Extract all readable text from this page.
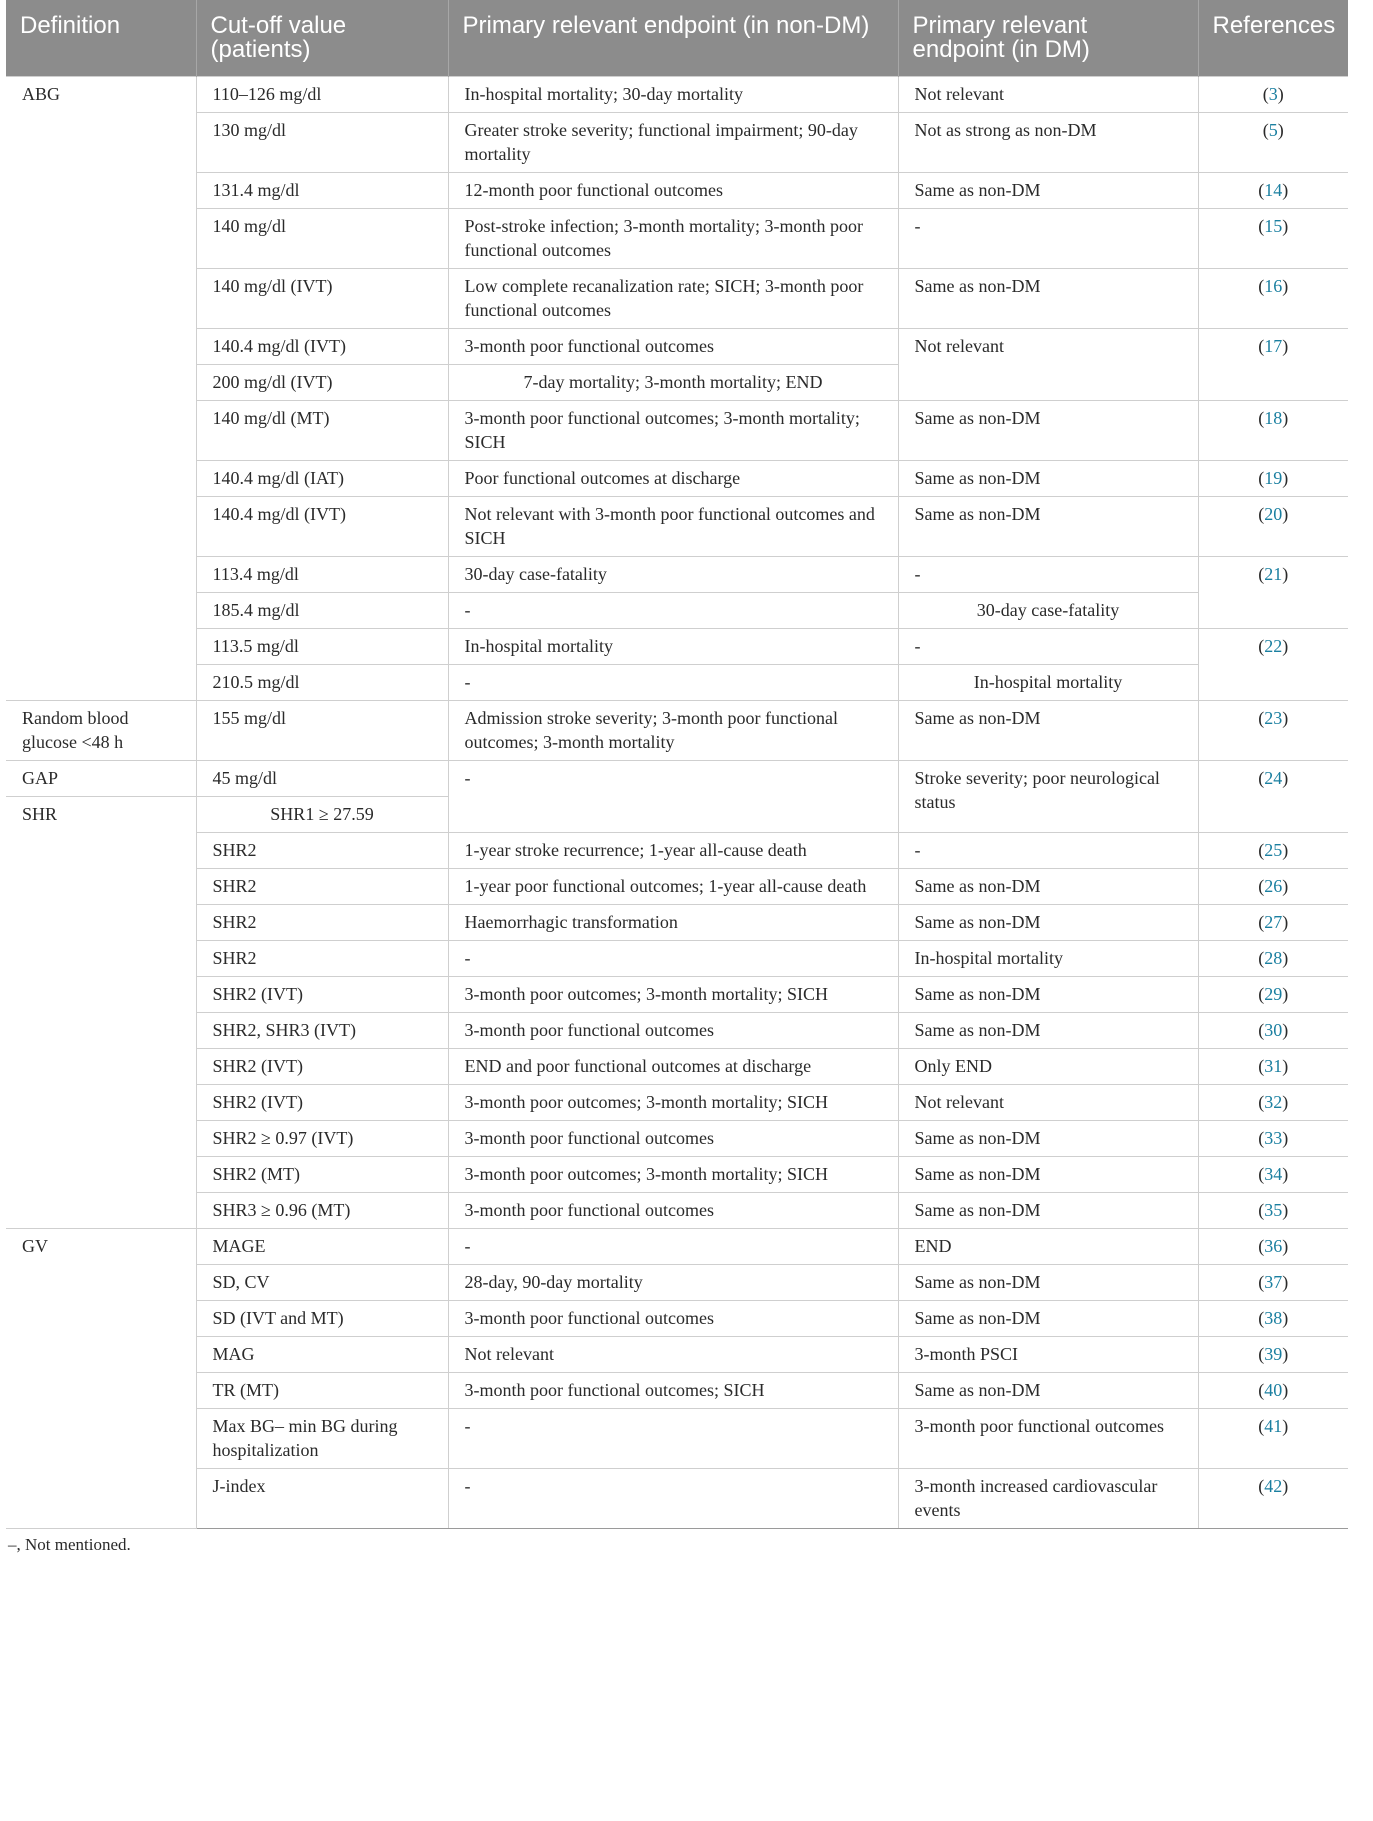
Definition	Cut-off value (patients)	Primary relevant endpoint (in non-DM)	Primary relevant endpoint (in DM)	References
ABG	110–126 mg/dl	In-hospital mortality; 30-day mortality	Not relevant	(3)
	130 mg/dl	Greater stroke severity; functional impairment; 90-day mortality	Not as strong as non-DM	(5)
	131.4 mg/dl	12-month poor functional outcomes	Same as non-DM	(14)
	140 mg/dl	Post-stroke infection; 3-month mortality; 3-month poor functional outcomes	-	(15)
	140 mg/dl (IVT)	Low complete recanalization rate; SICH; 3-month poor functional outcomes	Same as non-DM	(16)
	140.4 mg/dl (IVT)	3-month poor functional outcomes	Not relevant	(17)
	200 mg/dl (IVT)	7-day mortality; 3-month mortality; END		
	140 mg/dl (MT)	3-month poor functional outcomes; 3-month mortality; SICH	Same as non-DM	(18)
	140.4 mg/dl (IAT)	Poor functional outcomes at discharge	Same as non-DM	(19)
	140.4 mg/dl (IVT)	Not relevant with 3-month poor functional outcomes and SICH	Same as non-DM	(20)
	113.4 mg/dl	30-day case-fatality	-	(21)
	185.4 mg/dl	-	30-day case-fatality	
	113.5 mg/dl	In-hospital mortality	-	(22)
	210.5 mg/dl	-	In-hospital mortality	
Random blood glucose <48 h	155 mg/dl	Admission stroke severity; 3-month poor functional outcomes; 3-month mortality	Same as non-DM	(23)
GAP	45 mg/dl	-	Stroke severity; poor neurological status	(24)
SHR	SHR1 ≥ 27.59			
	SHR2	1-year stroke recurrence; 1-year all-cause death	-	(25)
	SHR2	1-year poor functional outcomes; 1-year all-cause death	Same as non-DM	(26)
	SHR2	Haemorrhagic transformation	Same as non-DM	(27)
	SHR2	-	In-hospital mortality	(28)
	SHR2 (IVT)	3-month poor outcomes; 3-month mortality; SICH	Same as non-DM	(29)
	SHR2, SHR3 (IVT)	3-month poor functional outcomes	Same as non-DM	(30)
	SHR2 (IVT)	END and poor functional outcomes at discharge	Only END	(31)
	SHR2 (IVT)	3-month poor outcomes; 3-month mortality; SICH	Not relevant	(32)
	SHR2 ≥ 0.97 (IVT)	3-month poor functional outcomes	Same as non-DM	(33)
	SHR2 (MT)	3-month poor outcomes; 3-month mortality; SICH	Same as non-DM	(34)
	SHR3 ≥ 0.96 (MT)	3-month poor functional outcomes	Same as non-DM	(35)
GV	MAGE	-	END	(36)
	SD, CV	28-day, 90-day mortality	Same as non-DM	(37)
	SD (IVT and MT)	3-month poor functional outcomes	Same as non-DM	(38)
	MAG	Not relevant	3-month PSCI	(39)
	TR (MT)	3-month poor functional outcomes; SICH	Same as non-DM	(40)
	Max BG– min BG during hospitalization	-	3-month poor functional outcomes	(41)
	J-index	-	3-month increased cardiovascular events	(42)
–, Not mentioned.
